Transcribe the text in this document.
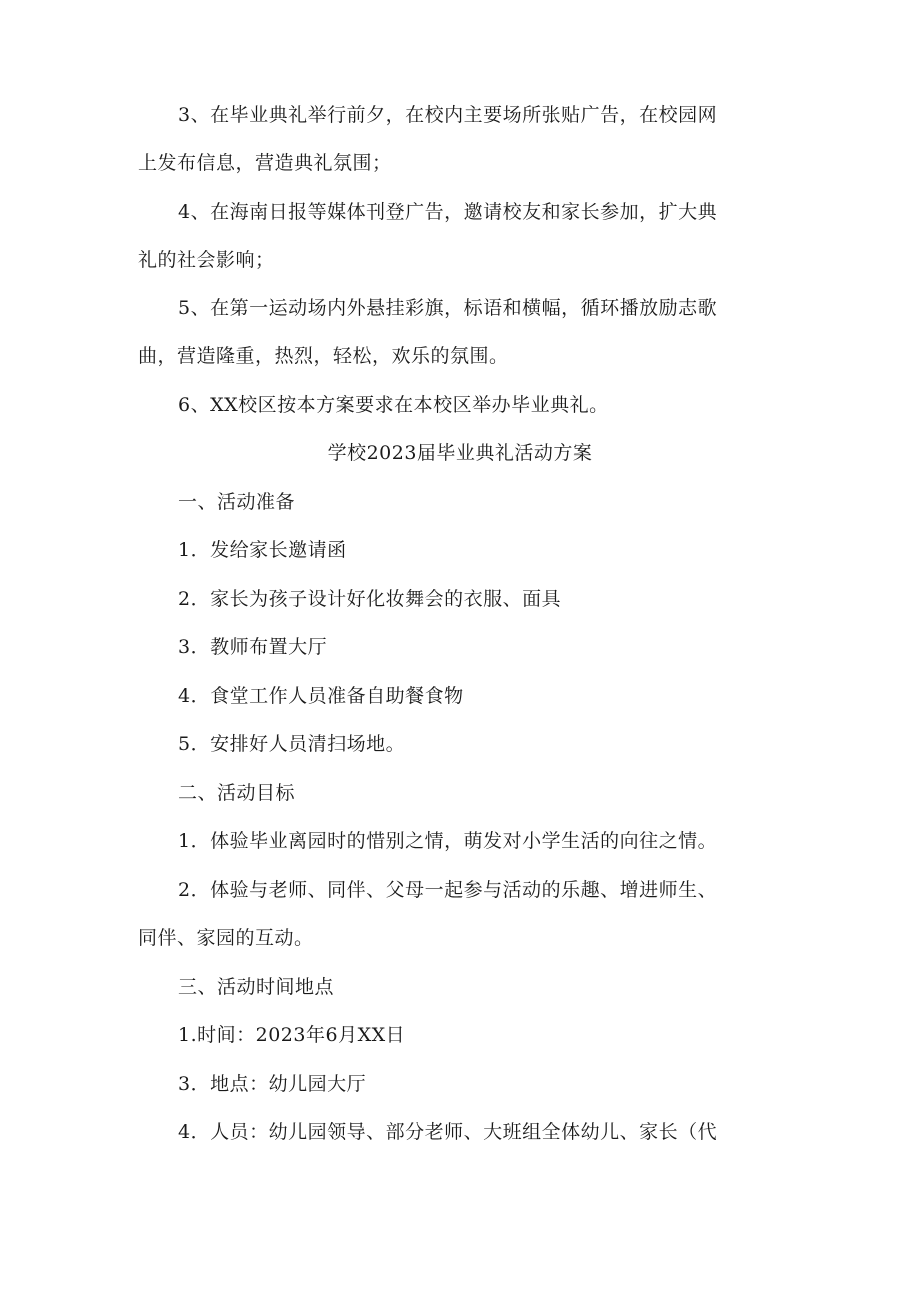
3、在毕业典礼举行前夕，在校内主要场所张贴广告，在校园网
上发布信息，营造典礼氛围；
4、在海南日报等媒体刊登广告，邀请校友和家长参加，扩大典
礼的社会影响；
5、在第一运动场内外悬挂彩旗，标语和横幅，循环播放励志歌
曲，营造隆重，热烈，轻松，欢乐的氛围。
6、XX校区按本方案要求在本校区举办毕业典礼。
学校2023届毕业典礼活动方案
一、活动准备
1．发给家长邀请函
2．家长为孩子设计好化妆舞会的衣服、面具
3．教师布置大厅
4．食堂工作人员准备自助餐食物
5．安排好人员清扫场地。
二、活动目标
1．体验毕业离园时的惜别之情，萌发对小学生活的向往之情。
2．体验与老师、同伴、父母一起参与活动的乐趣、增进师生、
同伴、家园的互动。
三、活动时间地点
1.时间：2023年6月XX日
3．地点：幼儿园大厅
4．人员：幼儿园领导、部分老师、大班组全体幼儿、家长（代
